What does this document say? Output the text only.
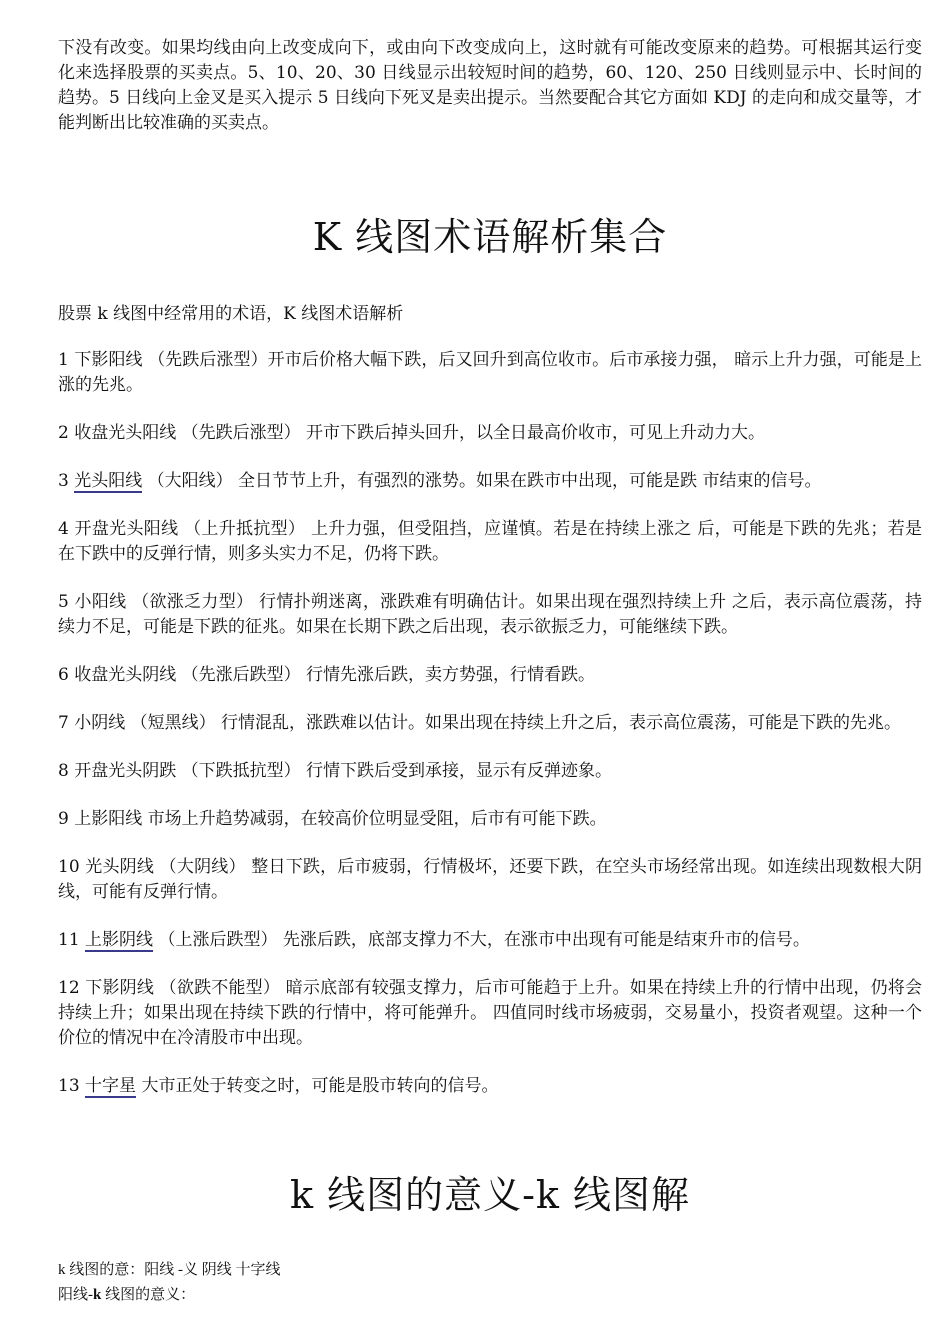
下没有改变。如果均线由向上改变成向下，或由向下改变成向上，这时就有可能改变原来的趋势。可根据其运行变化来选择股票的买卖点。5、10、20、30 日线显示出较短时间的趋势，60、120、250 日线则显示中、长时间的趋势。5 日线向上金叉是买入提示 5 日线向下死叉是卖出提示。当然要配合其它方面如 KDJ 的走向和成交量等，才能判断出比较准确的买卖点。

K 线图术语解析集合

股票 k 线图中经常用的术语，K 线图术语解析

1 下影阳线 （先跌后涨型）开市后价格大幅下跌，后又回升到高位收市。后市承接力强， 暗示上升力强，可能是上涨的先兆。

2 收盘光头阳线 （先跌后涨型） 开市下跌后掉头回升，以全日最高价收市，可见上升动力大。

3 光头阳线 （大阳线） 全日节节上升，有强烈的涨势。如果在跌市中出现，可能是跌 市结束的信号。

4 开盘光头阳线 （上升抵抗型） 上升力强，但受阻挡，应谨慎。若是在持续上涨之 后，可能是下跌的先兆；若是在下跌中的反弹行情，则多头实力不足，仍将下跌。

5 小阳线 （欲涨乏力型） 行情扑朔迷离，涨跌难有明确估计。如果出现在强烈持续上升 之后，表示高位震荡，持续力不足，可能是下跌的征兆。如果在长期下跌之后出现，表示欲振乏力，可能继续下跌。

6 收盘光头阴线 （先涨后跌型） 行情先涨后跌，卖方势强，行情看跌。

7 小阴线 （短黑线） 行情混乱，涨跌难以估计。如果出现在持续上升之后，表示高位震荡，可能是下跌的先兆。

8 开盘光头阴跌 （下跌抵抗型） 行情下跌后受到承接，显示有反弹迹象。

9 上影阳线 市场上升趋势减弱，在较高价位明显受阻，后市有可能下跌。

10 光头阴线 （大阴线） 整日下跌，后市疲弱，行情极坏，还要下跌，在空头市场经常出现。如连续出现数根大阴线，可能有反弹行情。

11 上影阴线 （上涨后跌型） 先涨后跌，底部支撑力不大，在涨市中出现有可能是结束升市的信号。

12 下影阴线 （欲跌不能型） 暗示底部有较强支撑力，后市可能趋于上升。如果在持续上升的行情中出现，仍将会持续上升；如果出现在持续下跌的行情中，将可能弹升。 四值同时线市场疲弱，交易量小，投资者观望。这种一个价位的情况中在冷清股市中出现。

13 十字星 大市正处于转变之时，可能是股市转向的信号。

k 线图的意义-k 线图解

k 线图的意：阳线 -义 阴线 十字线

阳线-k 线图的意义：
